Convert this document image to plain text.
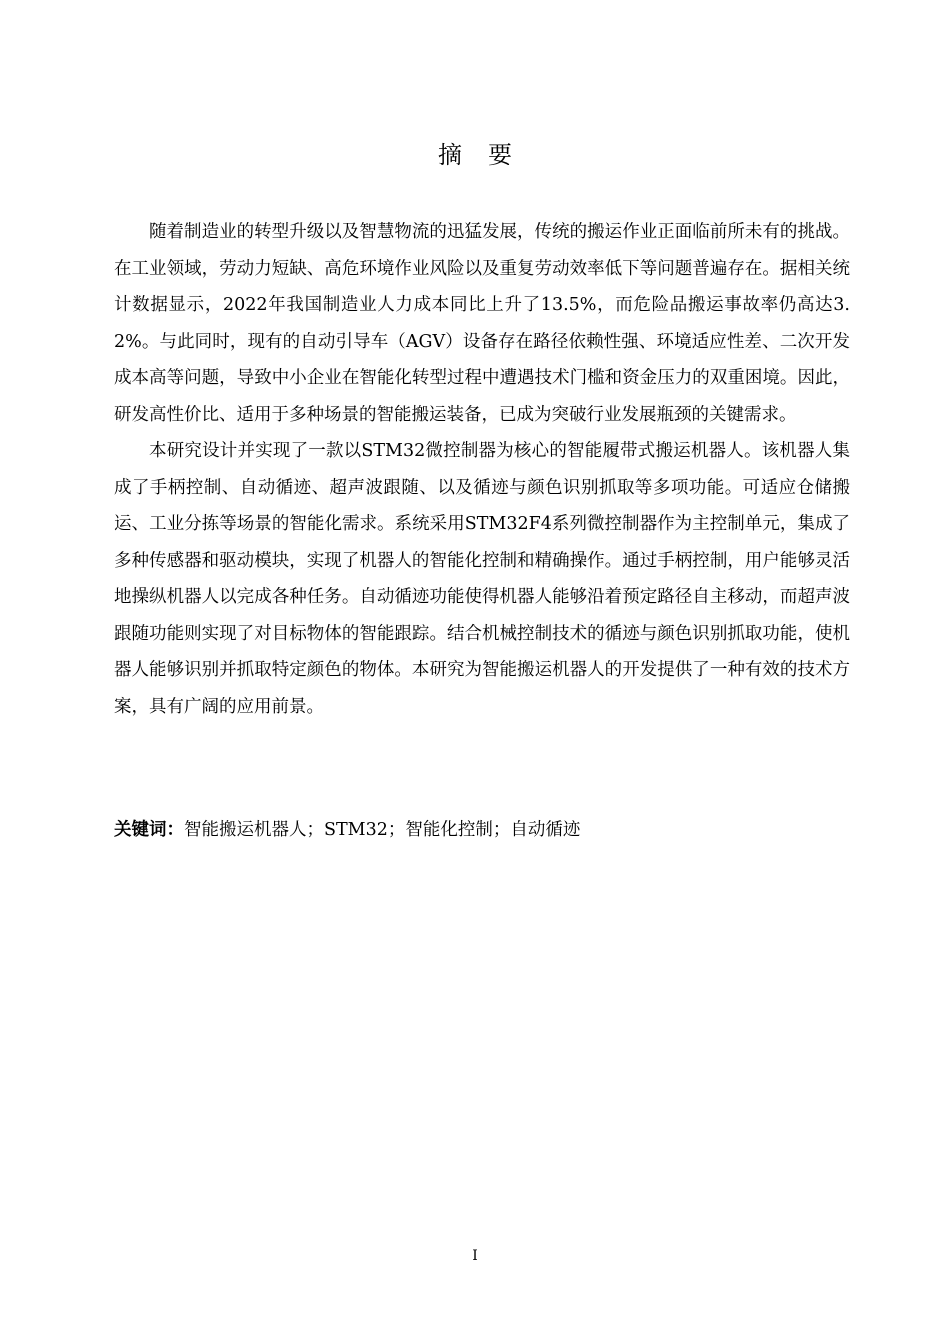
摘要

随着制造业的转型升级以及智慧物流的迅猛发展，传统的搬运作业正面临前所未有的挑战。在工业领域，劳动力短缺、高危环境作业风险以及重复劳动效率低下等问题普遍存在。据相关统计数据显示，2022年我国制造业人力成本同比上升了13.5%，而危险品搬运事故率仍高达3.2%。与此同时，现有的自动引导车（AGV）设备存在路径依赖性强、环境适应性差、二次开发成本高等问题，导致中小企业在智能化转型过程中遭遇技术门槛和资金压力的双重困境。因此，研发高性价比、适用于多种场景的智能搬运装备，已成为突破行业发展瓶颈的关键需求。

本研究设计并实现了一款以STM32微控制器为核心的智能履带式搬运机器人。该机器人集成了手柄控制、自动循迹、超声波跟随、以及循迹与颜色识别抓取等多项功能。可适应仓储搬运、工业分拣等场景的智能化需求。系统采用STM32F4系列微控制器作为主控制单元，集成了多种传感器和驱动模块，实现了机器人的智能化控制和精确操作。通过手柄控制，用户能够灵活地操纵机器人以完成各种任务。自动循迹功能使得机器人能够沿着预定路径自主移动，而超声波跟随功能则实现了对目标物体的智能跟踪。结合机械控制技术的循迹与颜色识别抓取功能，使机器人能够识别并抓取特定颜色的物体。本研究为智能搬运机器人的开发提供了一种有效的技术方案，具有广阔的应用前景。

关键词：智能搬运机器人；STM32；智能化控制；自动循迹
I
